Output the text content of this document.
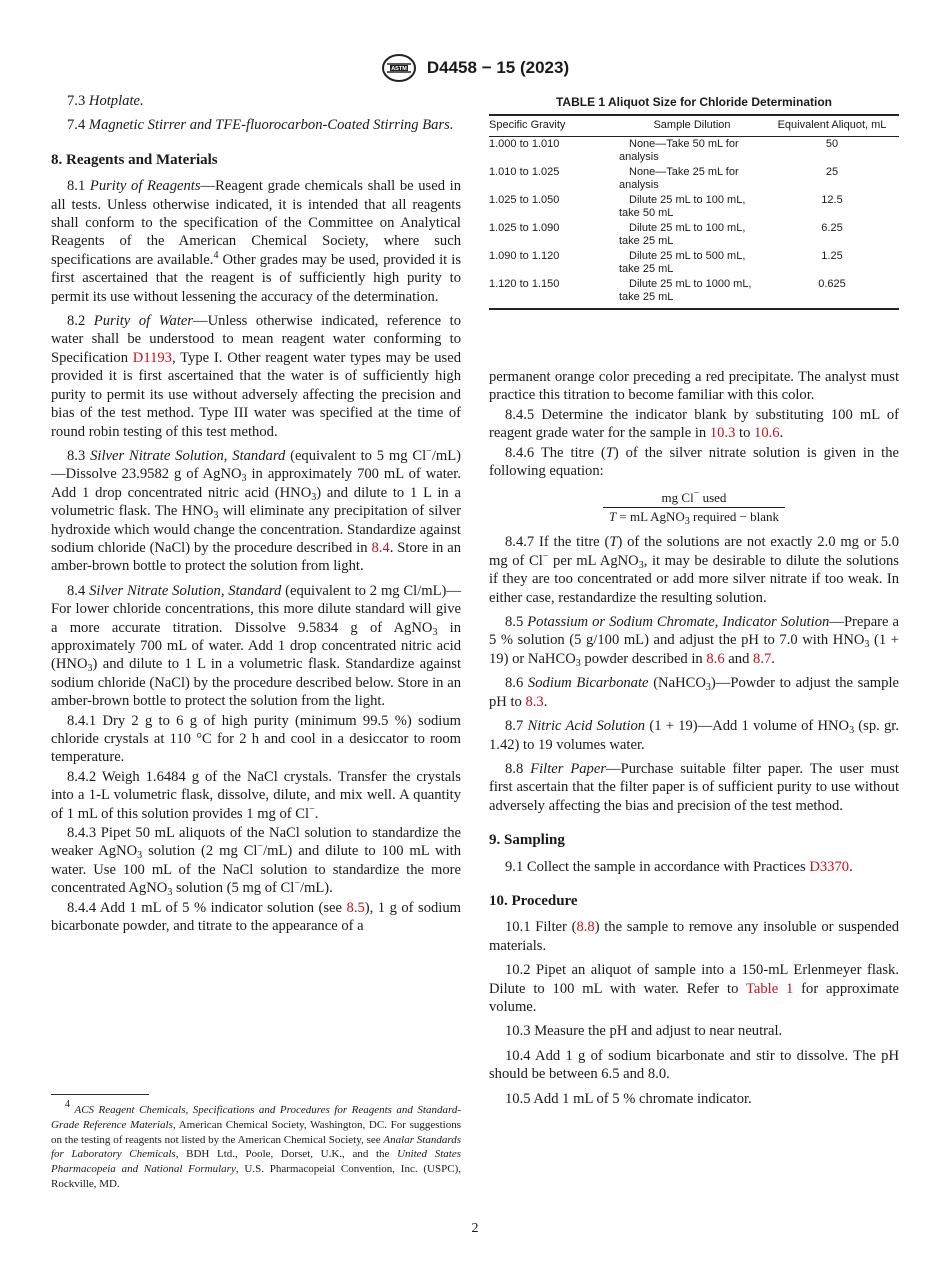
ASTM D4458 − 15 (2023)

7.3 Hotplate.

7.4 Magnetic Stirrer and TFE-fluorocarbon-Coated Stirring Bars.

8. Reagents and Materials

8.1 Purity of Reagents—Reagent grade chemicals shall be used in all tests. Unless otherwise indicated, it is intended that all reagents shall conform to the specification of the Committee on Analytical Reagents of the American Chemical Society, where such specifications are available.$^4$ Other grades may be used, provided it is first ascertained that the reagent is of sufficiently high purity to permit its use without lessening the accuracy of the determination.

8.2 Purity of Water—Unless otherwise indicated, reference to water shall be understood to mean reagent water conforming to Specification D1193, Type I. Other reagent water types may be used provided it is first ascertained that the water is of sufficiently high purity to permit its use without adversely affecting the precision and bias of the test method. Type III water was specified at the time of round robin testing of this test method.

8.3 Silver Nitrate Solution, Standard (equivalent to 5 mg Cl−/mL)—Dissolve 23.9582 g of AgNO$_3$ in approximately 700 mL of water. Add 1 drop concentrated nitric acid $(HNO_3)$ and dilute to 1 L in a volumetric flask. The $HNO_3$ will eliminate any precipitation of silver hydroxide which would change the concentration. Standardize against sodium chloride (NaCl) by the procedure described in 8.4. Store in an amber-brown bottle to protect the solution from light.

8.4 Silver Nitrate Solution, Standard (equivalent to 2 mg Cl/mL)—For lower chloride concentrations, this more dilute standard will give a more accurate titration. Dissolve 9.5834 g of AgNO$_3$ in approximately 700 mL of water. Add 1 drop concentrated nitric acid $(HNO_3)$ and dilute to 1 L in a volumetric flask. Standardize against sodium chloride (NaCl) by the procedure described below. Store in an amber-brown bottle to protect the solution from the light.

8.4.1 Dry 2 g to 6 g of high purity (minimum 99.5 %) sodium chloride crystals at 110 °C for 2 h and cool in a desiccator to room temperature.

8.4.2 Weigh 1.6484 g of the NaCl crystals. Transfer the crystals into a 1-L volumetric flask, dissolve, dilute, and mix well. A quantity of 1 mL of this solution provides 1 mg of Cl−.

8.4.3 Pipet 50 mL aliquots of the NaCl solution to standardize the weaker AgNO$_3$ solution (2 mg Cl−/mL) and dilute to 100 mL with water. Use 100 mL of the NaCl solution to standardize the more concentrated AgNO$_3$ solution (5 mg of Cl−/mL).

8.4.4 Add 1 mL of 5 % indicator solution (see 8.5), 1 g of sodium bicarbonate powder, and titrate to the appearance of a

$^4$ ACS Reagent Chemicals, Specifications and Procedures for Reagents and Standard-Grade Reference Materials, American Chemical Society, Washington, DC. For suggestions on the testing of reagents not listed by the American Chemical Society, see Analar Standards for Laboratory Chemicals, BDH Ltd., Poole, Dorset, U.K., and the United States Pharmacopeia and National Formulary, U.S. Pharmacopeial Convention, Inc. (USPC), Rockville, MD.
TABLE 1 Aliquot Size for Chloride Determination
Specific Gravity	Sample Dilution	Equivalent Aliquot, mL
1.000 to 1.010	None—Take 50 mL for analysis	50
1.010 to 1.025	None—Take 25 mL for analysis	25
1.025 to 1.050	Dilute 25 mL to 100 mL, take 50 mL	12.5
1.025 to 1.090	Dilute 25 mL to 100 mL, take 25 mL	6.25
1.090 to 1.120	Dilute 25 mL to 500 mL, take 25 mL	1.25
1.120 to 1.150	Dilute 25 mL to 1000 mL, take 25 mL	0.625

permanent orange color preceding a red precipitate. The analyst must practice this titration to become familiar with this color.

8.4.5 Determine the indicator blank by substituting 100 mL of reagent grade water for the sample in 10.3 to 10.6.

8.4.6 The titre (T) of the silver nitrate solution is given in the following equation:

mg Cl− used
T = mL AgNO$_3$ required − blank

8.4.7 If the titre (T) of the solutions are not exactly 2.0 mg or 5.0 mg of Cl− per mL AgNO$_3$, it may be desirable to dilute the solutions if they are too concentrated or add more silver nitrate if too weak. In either case, restandardize the resulting solution.

8.5 Potassium or Sodium Chromate, Indicator Solution—Prepare a 5 % solution (5 g/100 mL) and adjust the pH to 7.0 with $HNO_3$ (1 + 19) or NaHCO$_3$ powder described in 8.6 and 8.7.

8.6 Sodium Bicarbonate (NaHCO$_3$)—Powder to adjust the sample pH to 8.3.

8.7 Nitric Acid Solution (1 + 19)—Add 1 volume of $HNO_3$ (sp. gr. 1.42) to 19 volumes water.

8.8 Filter Paper—Purchase suitable filter paper. The user must first ascertain that the filter paper is of sufficient purity to use without adversely affecting the bias and precision of the test method.

9. Sampling

9.1 Collect the sample in accordance with Practices D3370.

10. Procedure

10.1 Filter (8.8) the sample to remove any insoluble or suspended materials.

10.2 Pipet an aliquot of sample into a 150-mL Erlenmeyer flask. Dilute to 100 mL with water. Refer to Table 1 for approximate volume.

10.3 Measure the pH and adjust to near neutral.

10.4 Add 1 g of sodium bicarbonate and stir to dissolve. The pH should be between 6.5 and 8.0.

10.5 Add 1 mL of 5 % chromate indicator.

2
